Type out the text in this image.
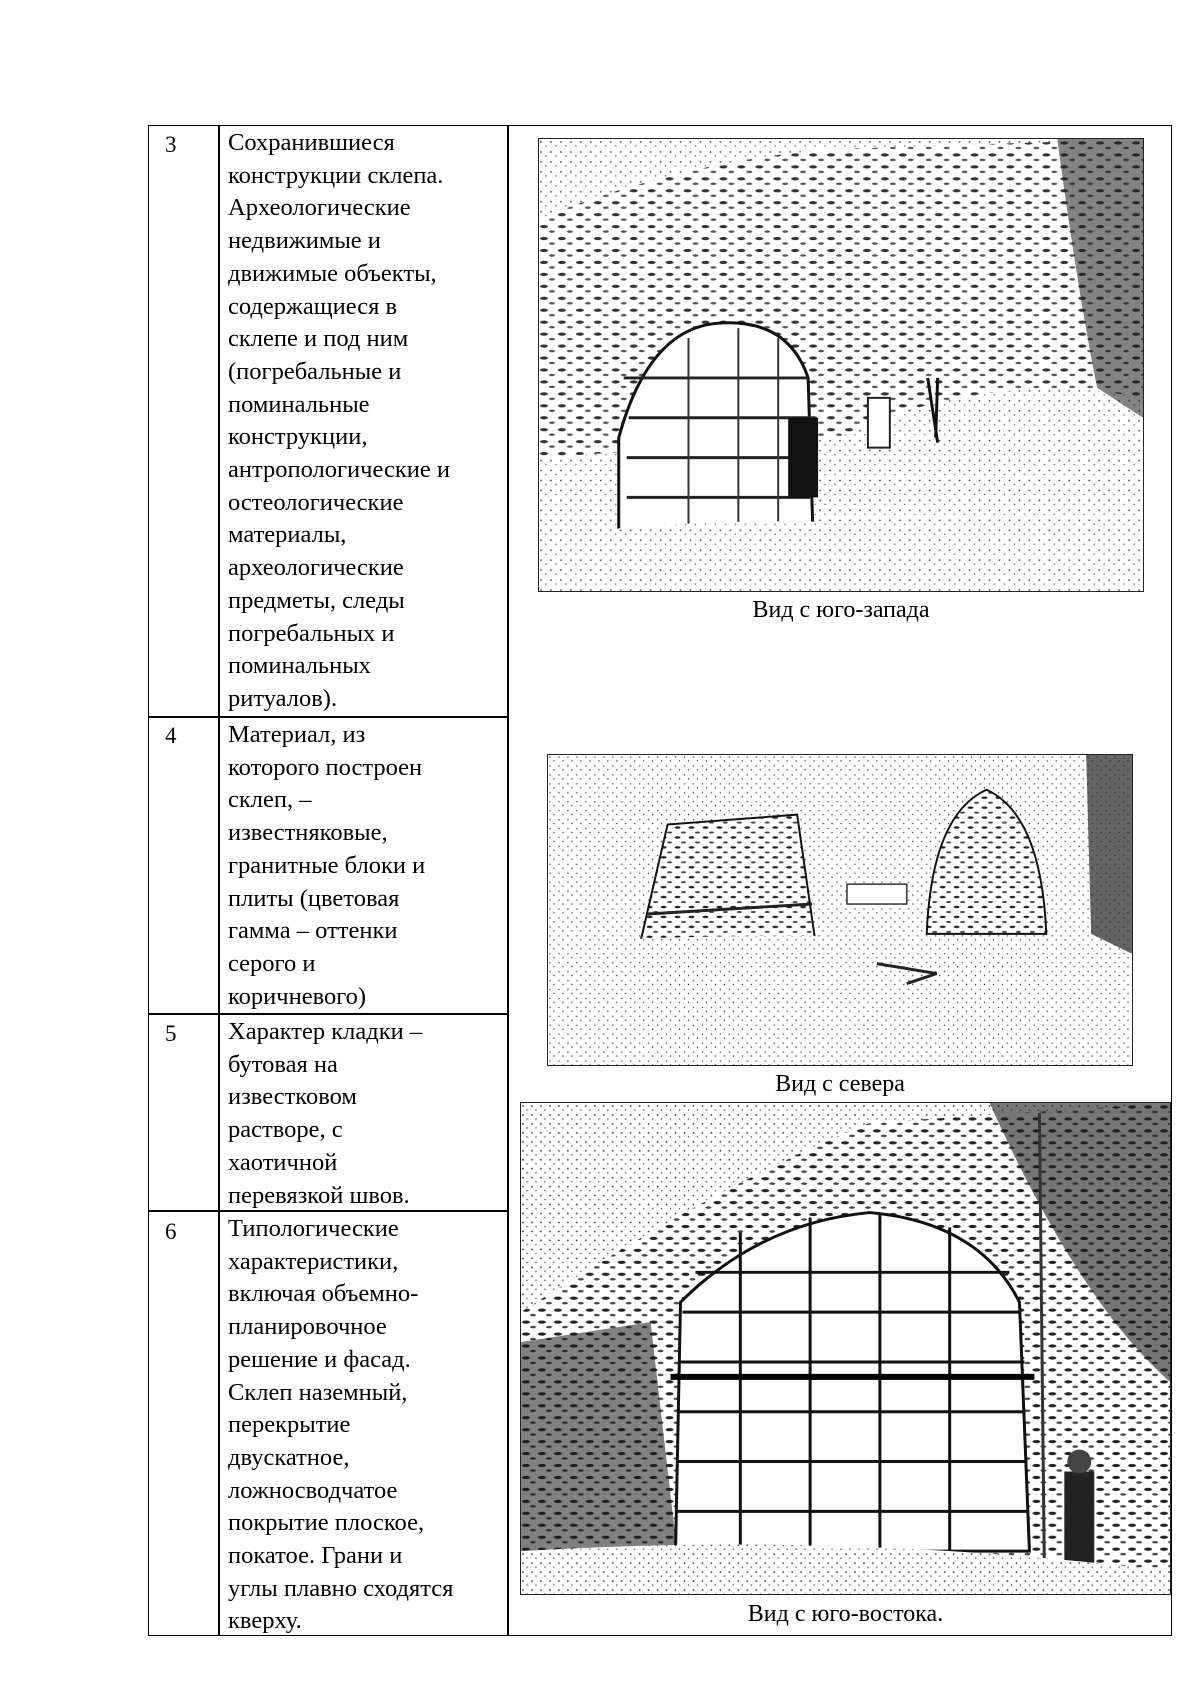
3 Сохранившиеся
конструкции склепа.
Археологические
недвижимые и
движимые объекты,
содержащиеся в
склепе и под ним
(погребальные и
поминальные
конструкции,
антропологические и
остеологические
материалы,
археологические
предметы, следы
погребальных и
поминальных
ритуалов).
4 Материал, из
которого построен
склеп, –
известняковые,
гранитные блоки и
плиты (цветовая
гамма – оттенки
серого и
коричневого)
5 Характер кладки –
бутовая на
известковом
растворе, с
хаотичной
перевязкой швов.
6 Типологические
характеристики,
включая объемно-
планировочное
решение и фасад.
Склеп наземный,
перекрытие
двускатное,
ложносводчатое
покрытие плоское,
покатое. Грани и
углы плавно сходятся
кверху.
Вид с юго-запада
Вид с севера
Вид с юго-востока.
